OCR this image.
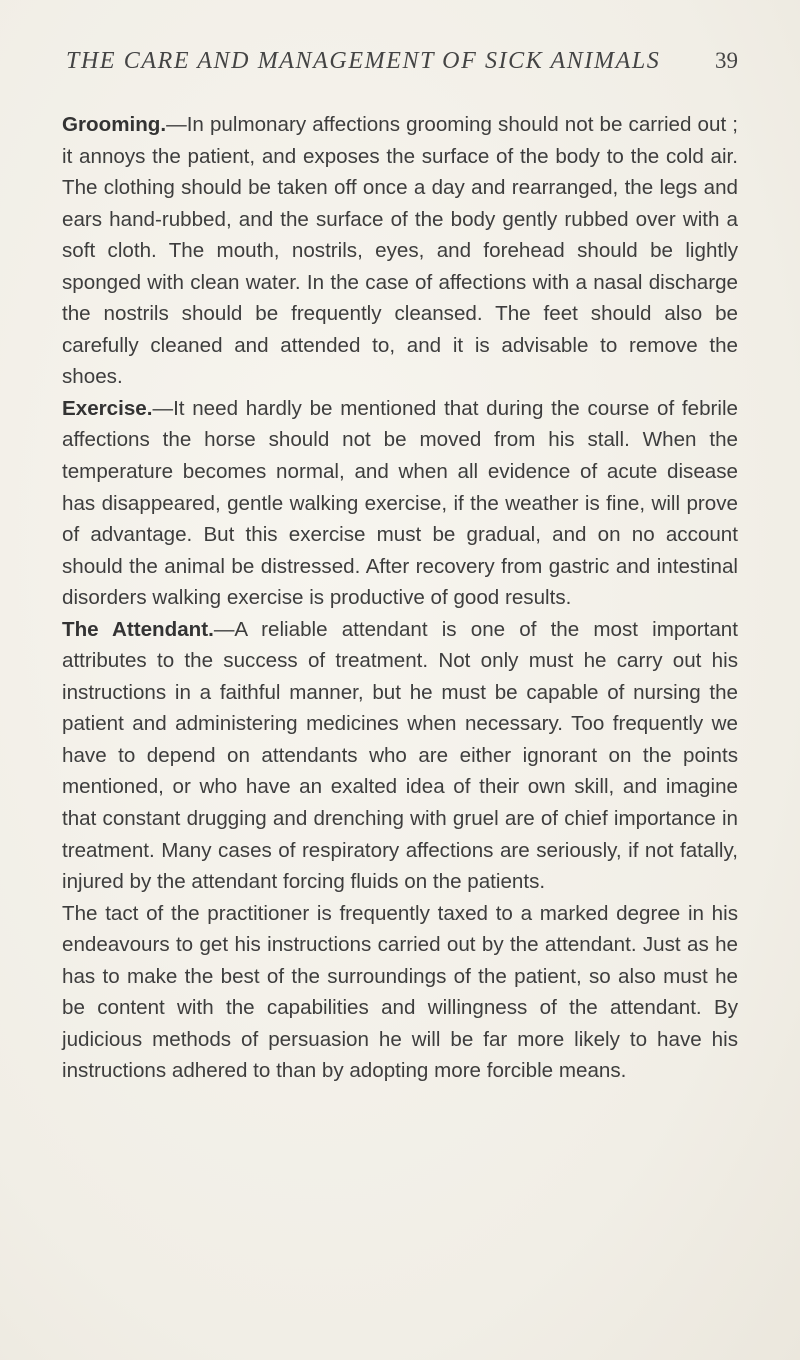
THE CARE AND MANAGEMENT OF SICK ANIMALS 39

Grooming.—In pulmonary affections grooming should not be carried out ; it annoys the patient, and exposes the surface of the body to the cold air. The clothing should be taken off once a day and rearranged, the legs and ears hand-rubbed, and the surface of the body gently rubbed over with a soft cloth. The mouth, nostrils, eyes, and forehead should be lightly sponged with clean water. In the case of affections with a nasal discharge the nostrils should be frequently cleansed. The feet should also be carefully cleaned and attended to, and it is advisable to remove the shoes.

Exercise.—It need hardly be mentioned that during the course of febrile affections the horse should not be moved from his stall. When the temperature becomes normal, and when all evidence of acute disease has disappeared, gentle walking exercise, if the weather is fine, will prove of advantage. But this exercise must be gradual, and on no account should the animal be distressed. After recovery from gastric and intestinal disorders walking exercise is productive of good results.

The Attendant.—A reliable attendant is one of the most important attributes to the success of treatment. Not only must he carry out his instructions in a faithful manner, but he must be capable of nursing the patient and administering medicines when necessary. Too frequently we have to depend on attendants who are either ignorant on the points mentioned, or who have an exalted idea of their own skill, and imagine that constant drugging and drenching with gruel are of chief importance in treatment. Many cases of respiratory affections are seriously, if not fatally, injured by the attendant forcing fluids on the patients.

The tact of the practitioner is frequently taxed to a marked degree in his endeavours to get his instructions carried out by the attendant. Just as he has to make the best of the surroundings of the patient, so also must he be content with the capabilities and willingness of the attendant. By judicious methods of persuasion he will be far more likely to have his instructions adhered to than by adopting more forcible means.
